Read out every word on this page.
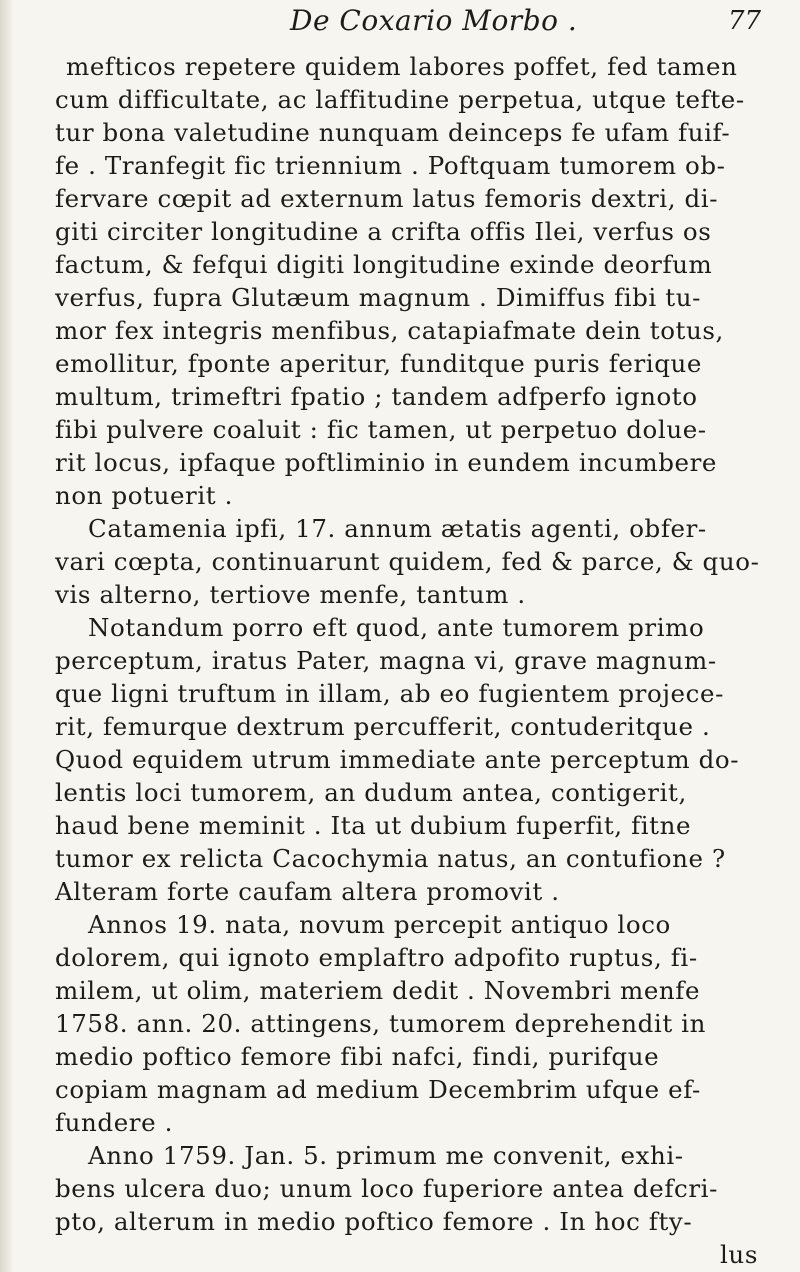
De Coxario Morbo .	77
mefticos repetere quidem labores poffet, fed tamen
cum difficultate, ac laffitudine perpetua, utque tefte-
tur bona valetudine nunquam deinceps fe ufam fuif-
fe . Tranfegit fic triennium . Poftquam tumorem ob-
fervare cœpit ad externum latus femoris dextri, di-
giti circiter longitudine a crifta offis Ilei, verfus os
factum, & fefqui digiti longitudine exinde deorfum
verfus, fupra Glutæum magnum . Dimiffus fibi tu-
mor fex integris menfibus, catapiafmate dein totus,
emollitur, fponte aperitur, funditque puris ferique
multum, trimeftri fpatio ; tandem adfperfo ignoto
fibi pulvere coaluit : fic tamen, ut perpetuo dolue-
rit locus, ipfaque poftliminio in eundem incumbere
non potuerit .
Catamenia ipfi, 17. annum ætatis agenti, obfer-
vari cœpta, continuarunt quidem, fed & parce, & quo-
vis alterno, tertiove menfe, tantum .
Notandum porro eft quod, ante tumorem primo
perceptum, iratus Pater, magna vi, grave magnum-
que ligni truftum in illam, ab eo fugientem projece-
rit, femurque dextrum percufferit, contuderitque .
Quod equidem utrum immediate ante perceptum do-
lentis loci tumorem, an dudum antea, contigerit,
haud bene meminit . Ita ut dubium fuperfit, fitne
tumor ex relicta Cacochymia natus, an contufione ?
Alteram forte caufam altera promovit .
Annos 19. nata, novum percepit antiquo loco
dolorem, qui ignoto emplaftro adpofito ruptus, fi-
milem, ut olim, materiem dedit . Novembri menfe
1758. ann. 20. attingens, tumorem deprehendit in
medio poftico femore fibi nafci, findi, purifque
copiam magnam ad medium Decembrim ufque ef-
fundere .
Anno 1759. Jan. 5. primum me convenit, exhi-
bens ulcera duo; unum loco fuperiore antea defcri-
pto, alterum in medio poftico femore . In hoc fty-
lus
